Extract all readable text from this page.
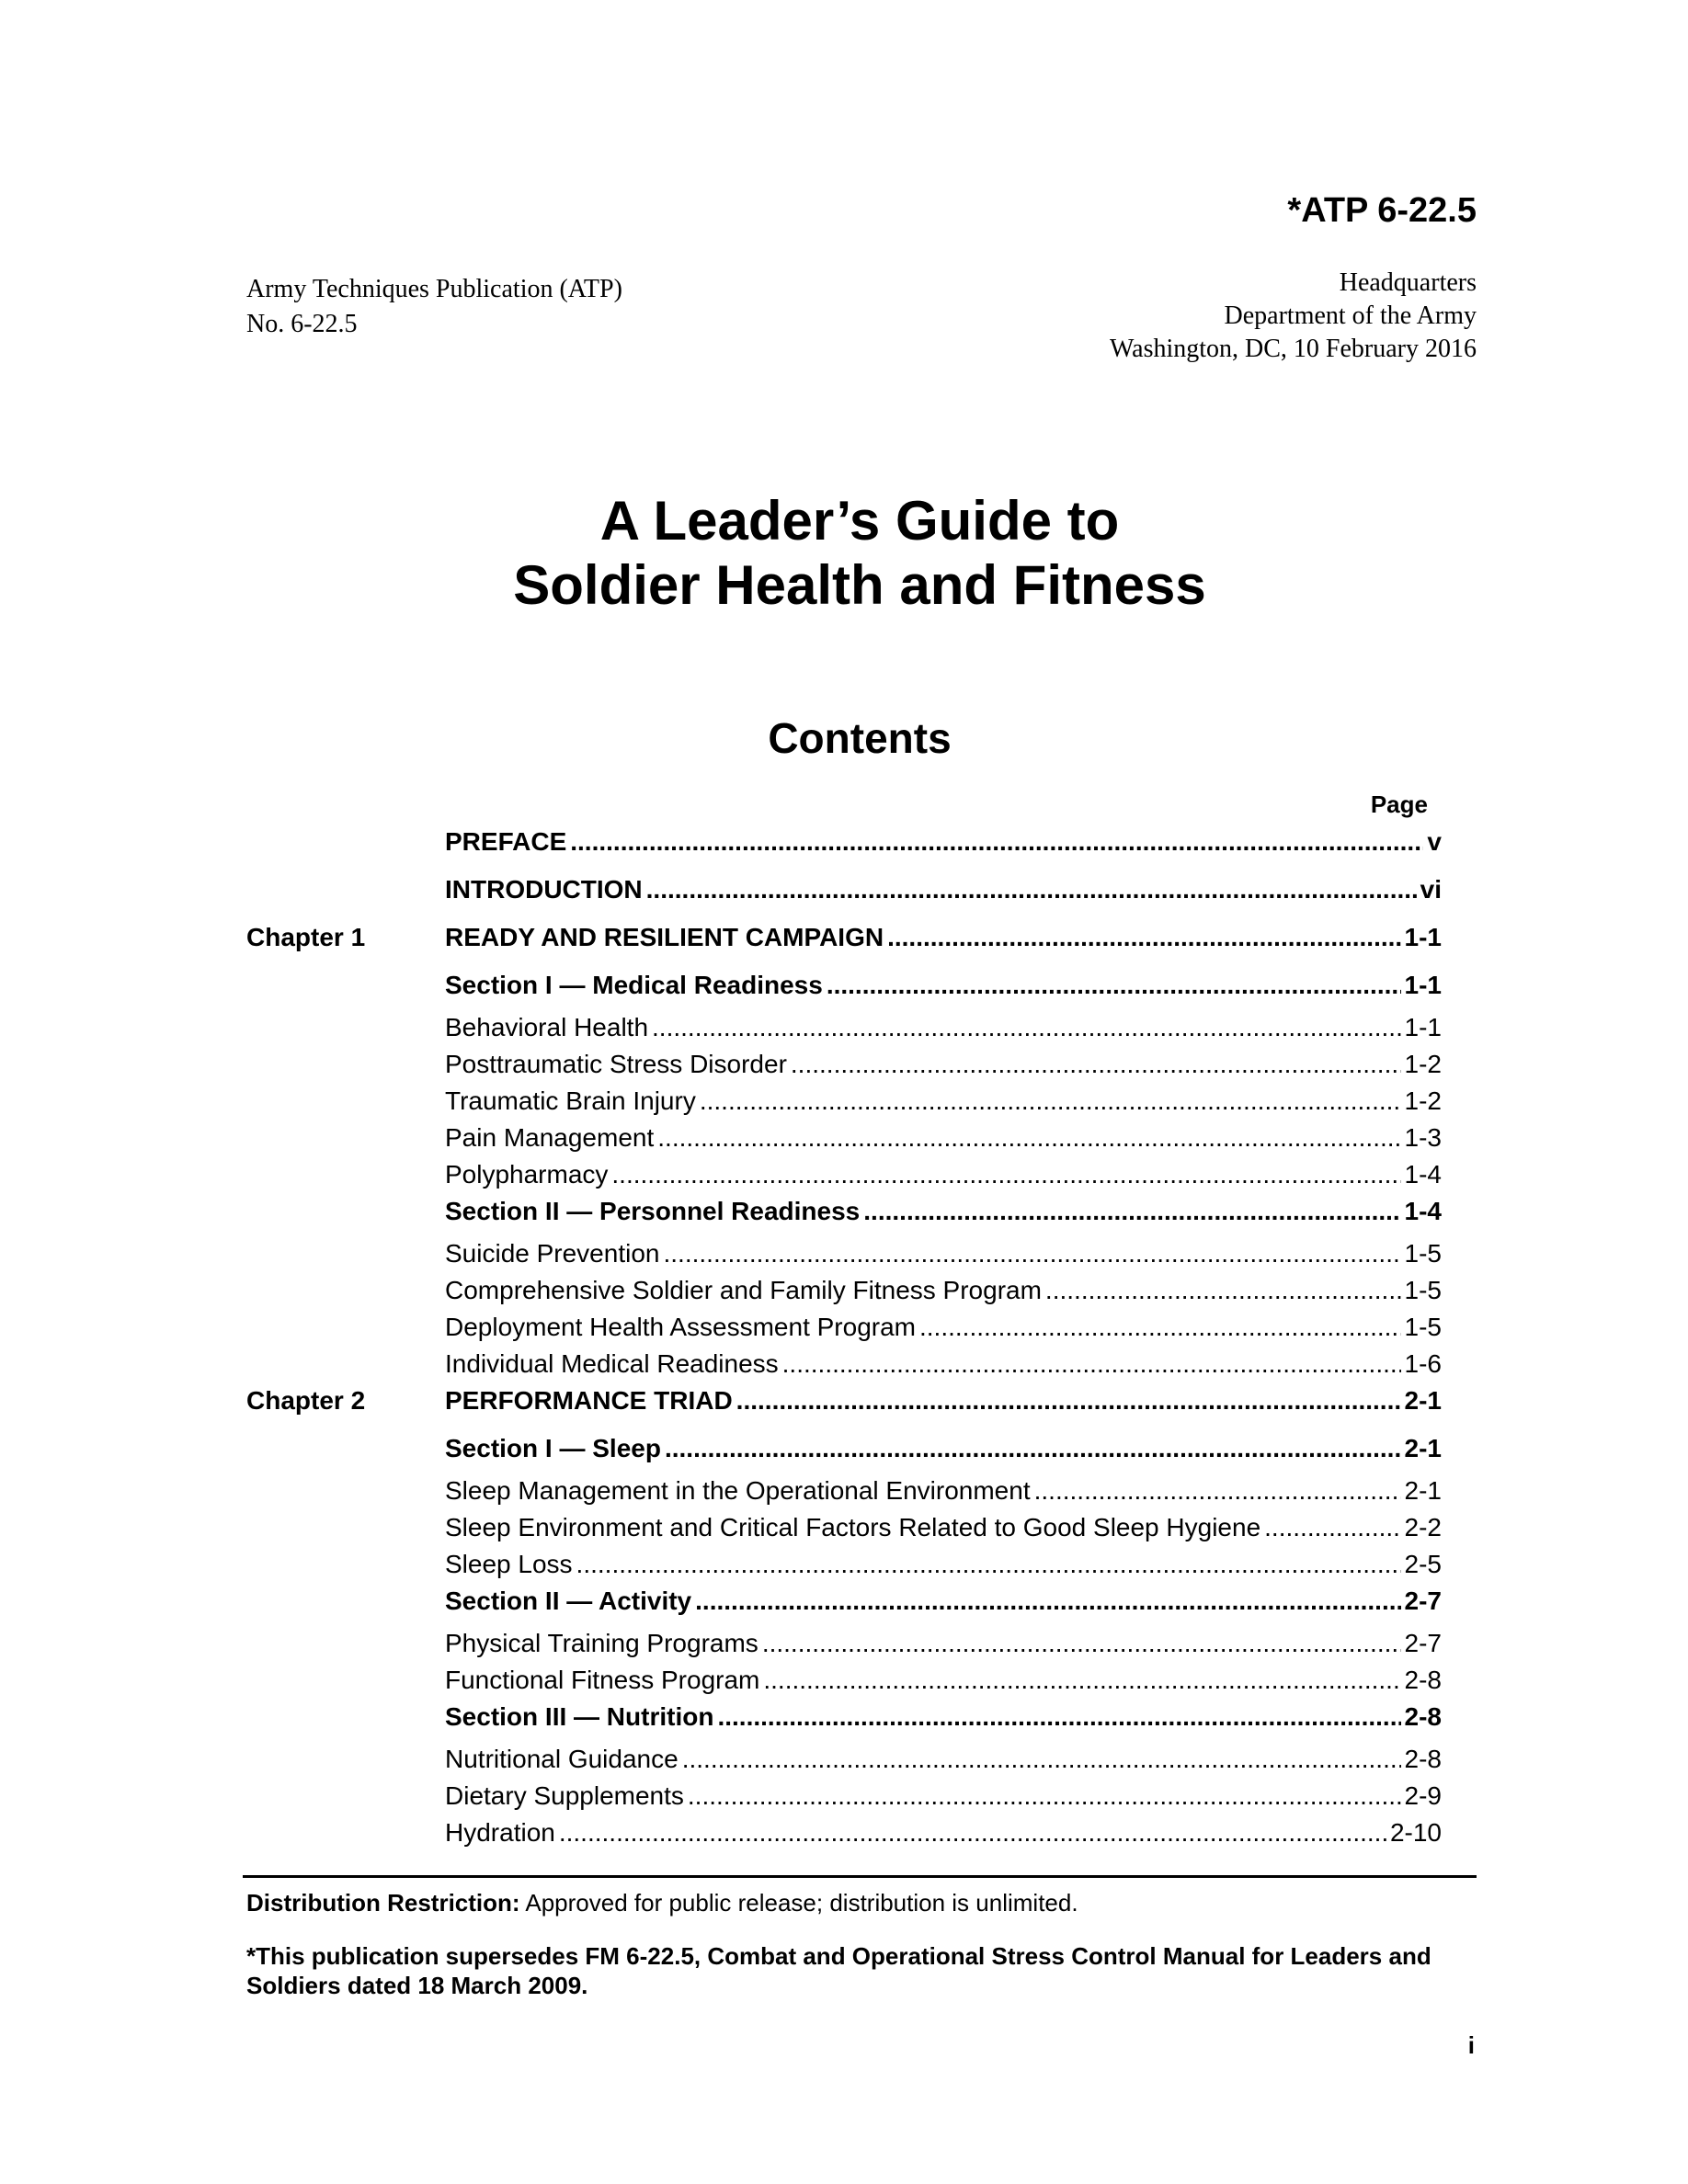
*ATP 6-22.5
Army Techniques Publication (ATP)
No. 6-22.5
Headquarters
Department of the Army
Washington, DC, 10 February 2016
A Leader’s Guide to
Soldier Health and Fitness
Contents
Page
PREFACE .....	v
INTRODUCTION .....	vi
Chapter 1	READY AND RESILIENT CAMPAIGN .....	1-1
Section I — Medical Readiness .....	1-1
Behavioral Health .....	1-1
Posttraumatic Stress Disorder .....	1-2
Traumatic Brain Injury .....	1-2
Pain Management .....	1-3
Polypharmacy .....	1-4
Section II — Personnel Readiness .....	1-4
Suicide Prevention .....	1-5
Comprehensive Soldier and Family Fitness Program .....	1-5
Deployment Health Assessment Program .....	1-5
Individual Medical Readiness .....	1-6
Chapter 2	PERFORMANCE TRIAD .....	2-1
Section I — Sleep .....	2-1
Sleep Management in the Operational Environment .....	2-1
Sleep Environment and Critical Factors Related to Good Sleep Hygiene .....	2-2
Sleep Loss .....	2-5
Section II — Activity .....	2-7
Physical Training Programs .....	2-7
Functional Fitness Program .....	2-8
Section III — Nutrition .....	2-8
Nutritional Guidance .....	2-8
Dietary Supplements .....	2-9
Hydration .....	2-10
Distribution Restriction: Approved for public release; distribution is unlimited.
*This publication supersedes FM 6-22.5, Combat and Operational Stress Control Manual for Leaders and Soldiers dated 18 March 2009.
i
